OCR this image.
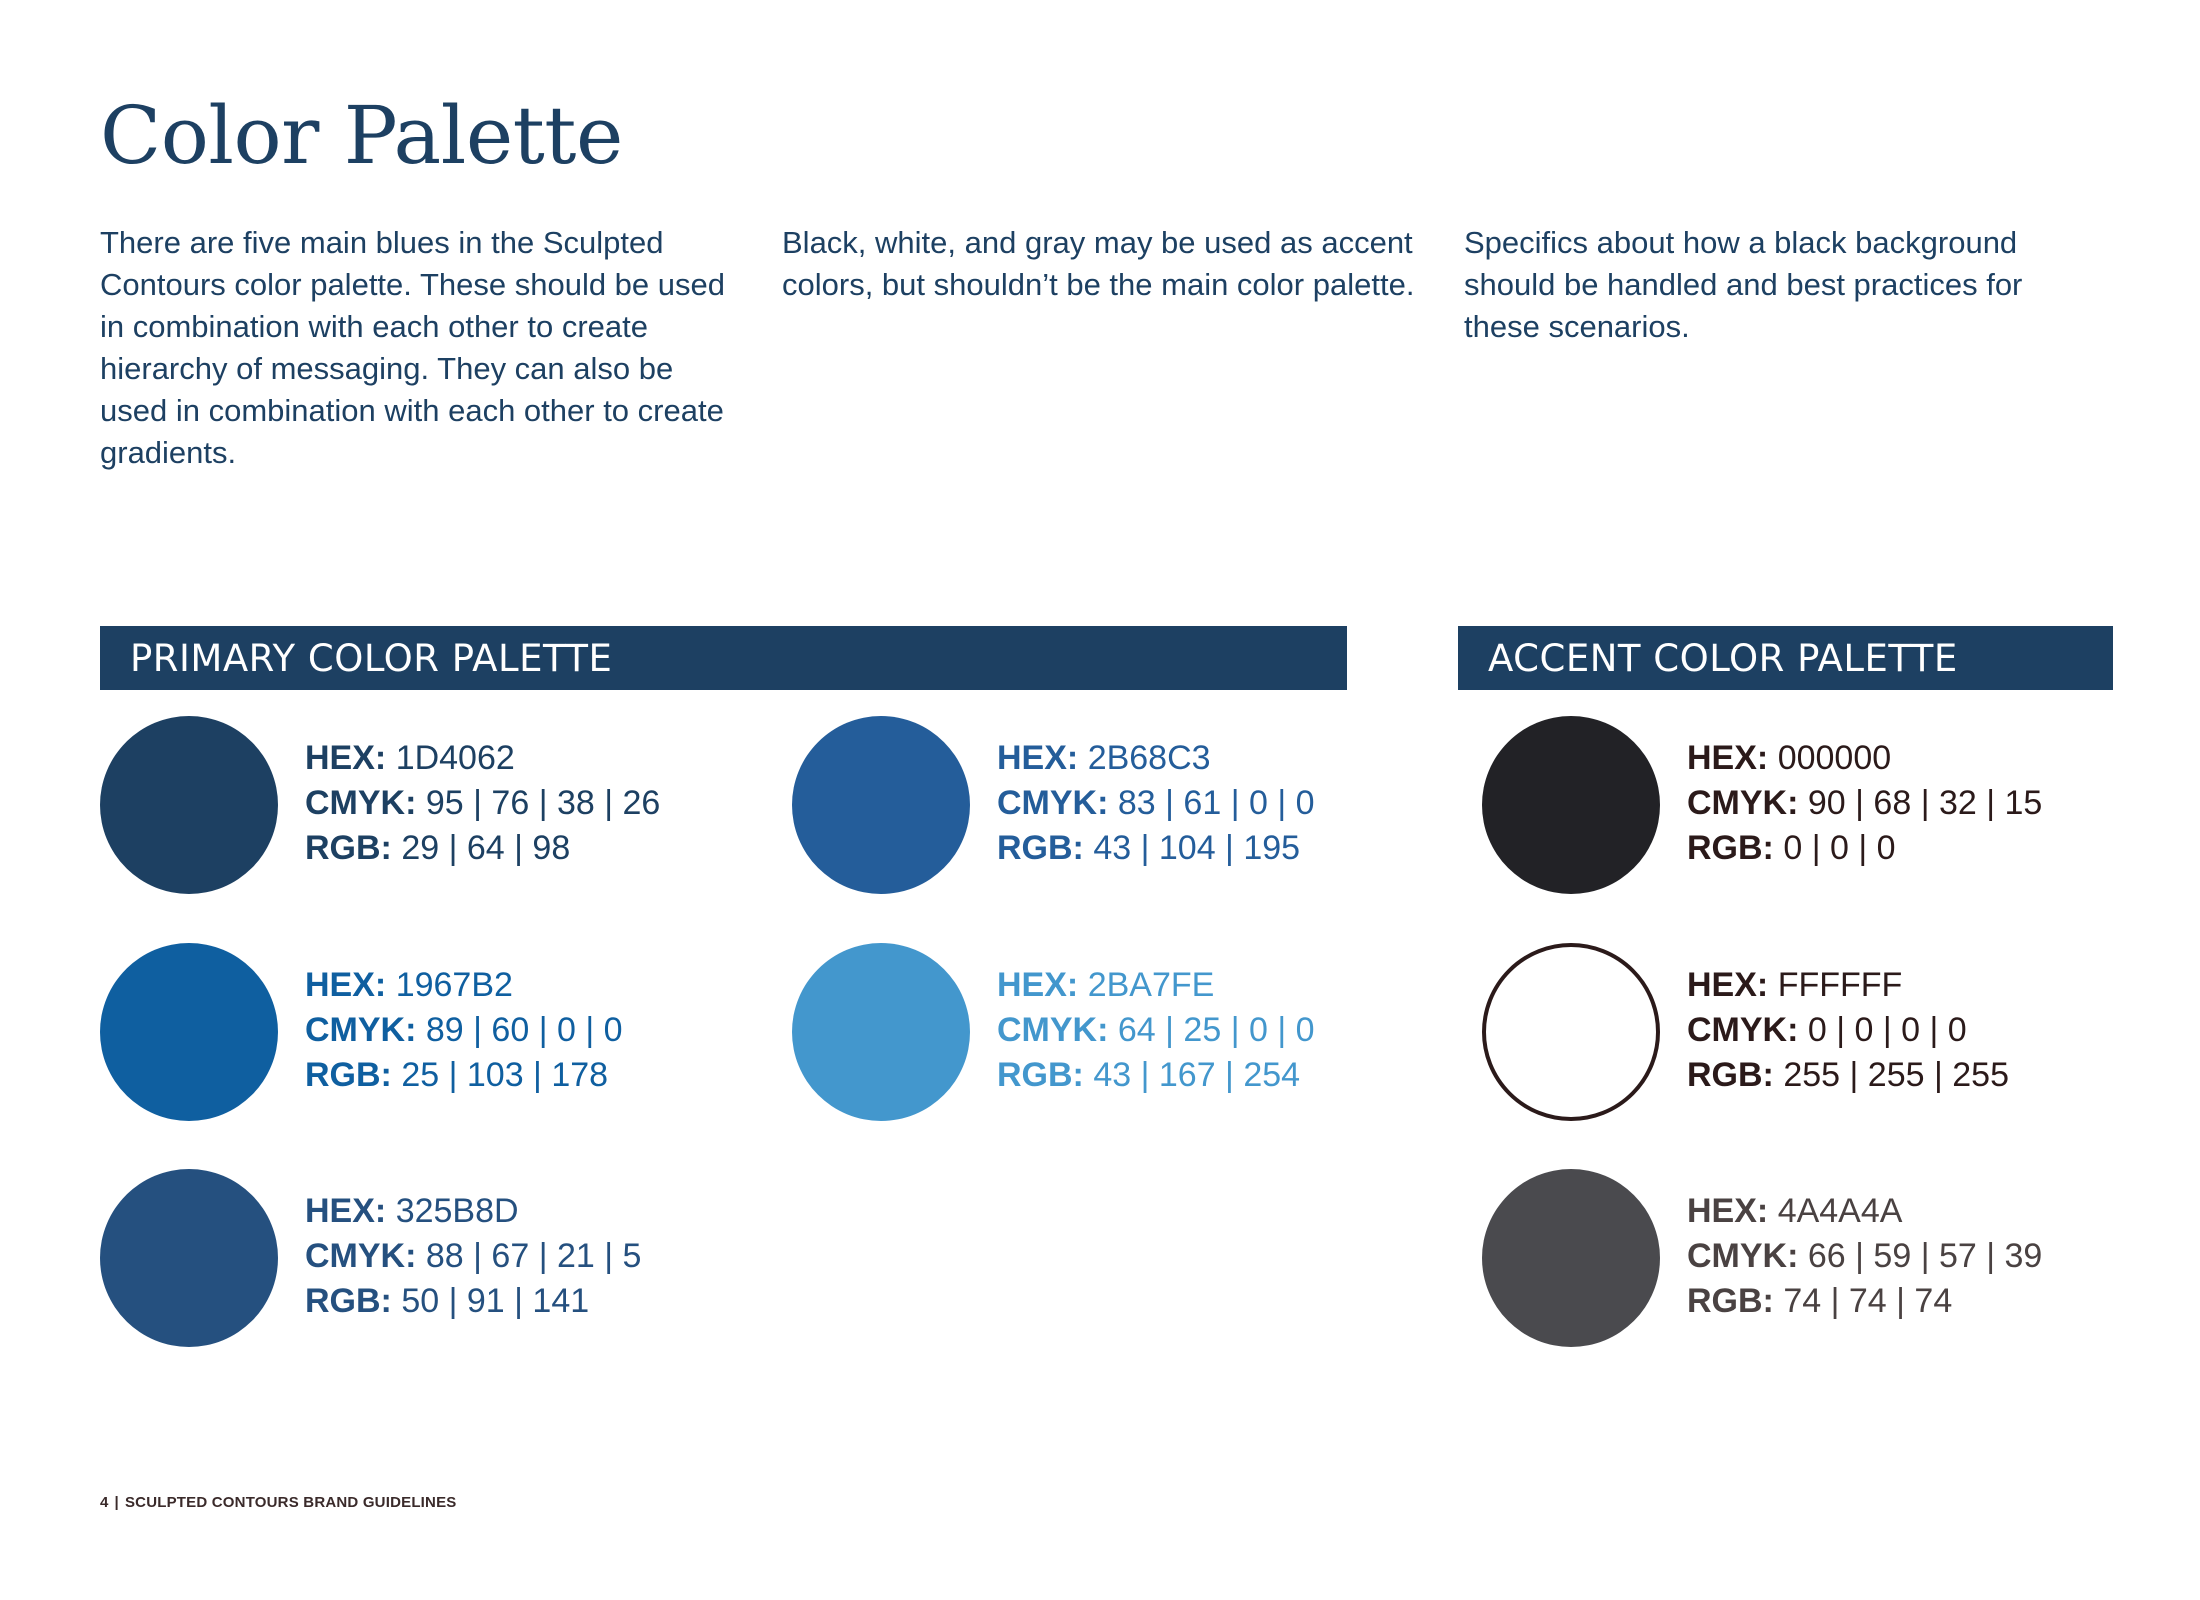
Color Palette

There are five main blues in the Sculpted Contours color palette. These should be used in combination with each other to create hierarchy of messaging. They can also be used in combination with each other to create gradients.

Black, white, and gray may be used as accent colors, but shouldn’t be the main color palette.

Specifics about how a black background should be handled and best practices for these scenarios.

PRIMARY COLOR PALETTE	ACCENT COLOR PALETTE
HEX: 1D4062
CMYK: 95 | 76 | 38 | 26
RGB: 29 | 64 | 98
HEX: 2B68C3
CMYK: 83 | 61 | 0 | 0
RGB: 43 | 104 | 195
HEX: 1967B2
CMYK: 89 | 60 | 0 | 0
RGB: 25 | 103 | 178
HEX: 2BA7FE
CMYK: 64 | 25 | 0 | 0
RGB: 43 | 167 | 254
HEX: 325B8D
CMYK: 88 | 67 | 21 | 5
RGB: 50 | 91 | 141
HEX: 000000
CMYK: 90 | 68 | 32 | 15
RGB: 0 | 0 | 0
HEX: FFFFFF
CMYK: 0 | 0 | 0 | 0
RGB: 255 | 255 | 255
HEX: 4A4A4A
CMYK: 66 | 59 | 57 | 39
RGB: 74 | 74 | 74
4 | SCULPTED CONTOURS BRAND GUIDELINES
